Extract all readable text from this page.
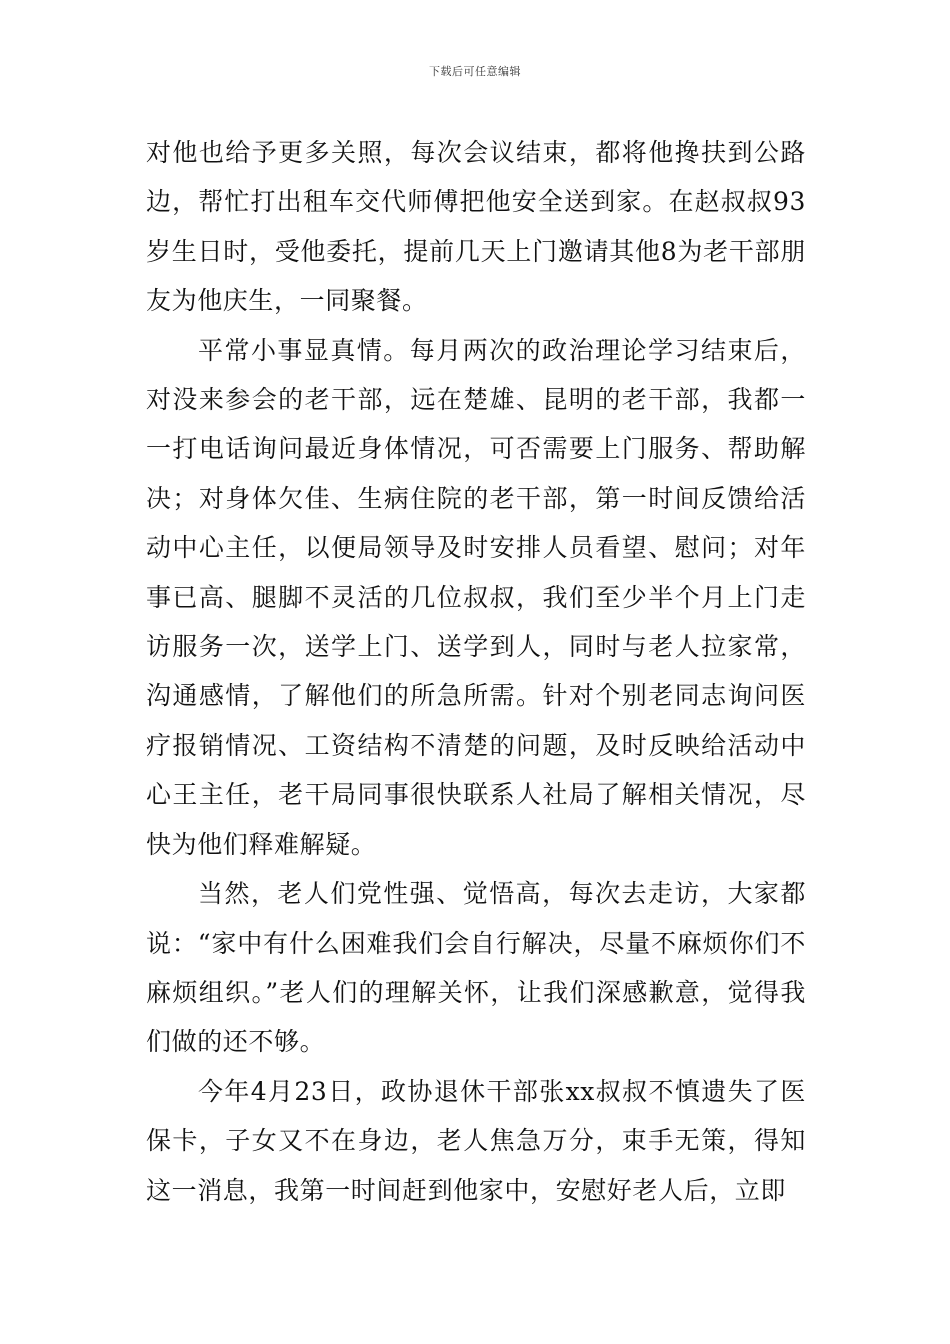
下载后可任意编辑

对他也给予更多关照，每次会议结束，都将他搀扶到公路边，帮忙打出租车交代师傅把他安全送到家。在赵叔叔93岁生日时，受他委托，提前几天上门邀请其他8为老干部朋友为他庆生，一同聚餐。

平常小事显真情。每月两次的政治理论学习结束后，对没来参会的老干部，远在楚雄、昆明的老干部，我都一一打电话询问最近身体情况，可否需要上门服务、帮助解决；对身体欠佳、生病住院的老干部，第一时间反馈给活动中心主任，以便局领导及时安排人员看望、慰问；对年事已高、腿脚不灵活的几位叔叔，我们至少半个月上门走访服务一次，送学上门、送学到人，同时与老人拉家常，沟通感情，了解他们的所急所需。针对个别老同志询问医疗报销情况、工资结构不清楚的问题，及时反映给活动中心王主任，老干局同事很快联系人社局了解相关情况，尽快为他们释难解疑。

当然，老人们党性强、觉悟高，每次去走访，大家都说：“家中有什么困难我们会自行解决，尽量不麻烦你们不麻烦组织。”老人们的理解关怀，让我们深感歉意，觉得我们做的还不够。

今年4月23日，政协退休干部张xx叔叔不慎遗失了医保卡，子女又不在身边，老人焦急万分，束手无策，得知这一消息，我第一时间赶到他家中，安慰好老人后，立即
